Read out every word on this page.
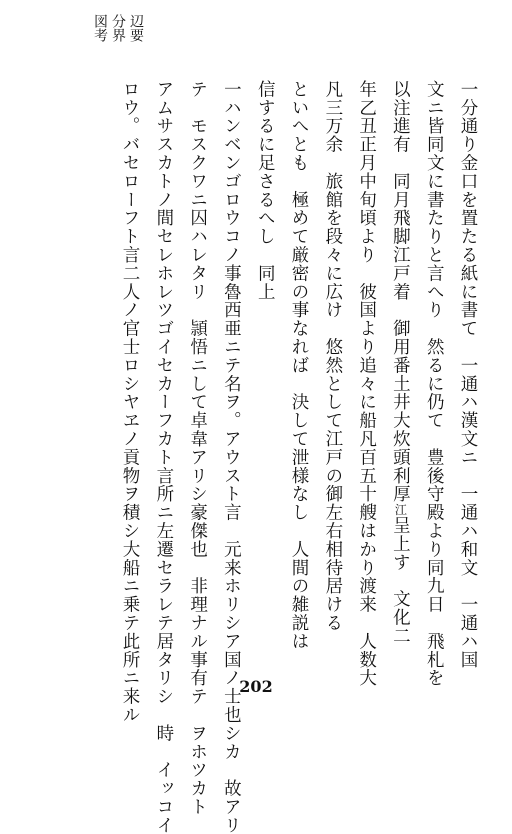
辺要
分界
図考
一分通り金口を置たる紙に書て　一通ハ漢文ニ　一通ハ和文　一通ハ国
文ニ皆同文に書たりと言へり　然るに仍て　豊後守殿より同九日　飛札を
以注進有　同月飛脚江戸着　御用番土井大炊頭利厚$^江$呈上す　文化二
年乙丑正月中旬頃より　彼国より追々に船凡百五十艘はかり渡来　人数大
凡三万余　旅館を段々に広け　悠然として江戸の御左右相待居ける
といへとも　極めて厳密の事なれば　決して泄様なし　人間の雑説は
信するに足さるへし　同上
一ハンベンゴロウコノ事魯西亜ニテ名ヲ。アウスト言　元来ホリシア国ノ士也シカ　故アリ
テ　モスクワニ囚ハレタリ　頴悟ニして卓韋アリシ豪傑也　非理ナル事有テ　ヲホツカト
アムサスカトノ間セレホレツゴイセカーフカト言所ニ左遷セラレテ居タリシ　時　イッコイ
ロウ。バセローフト言二人ノ官士ロシヤヱノ貢物ヲ積シ大船ニ乗テ此所ニ来ル	202
